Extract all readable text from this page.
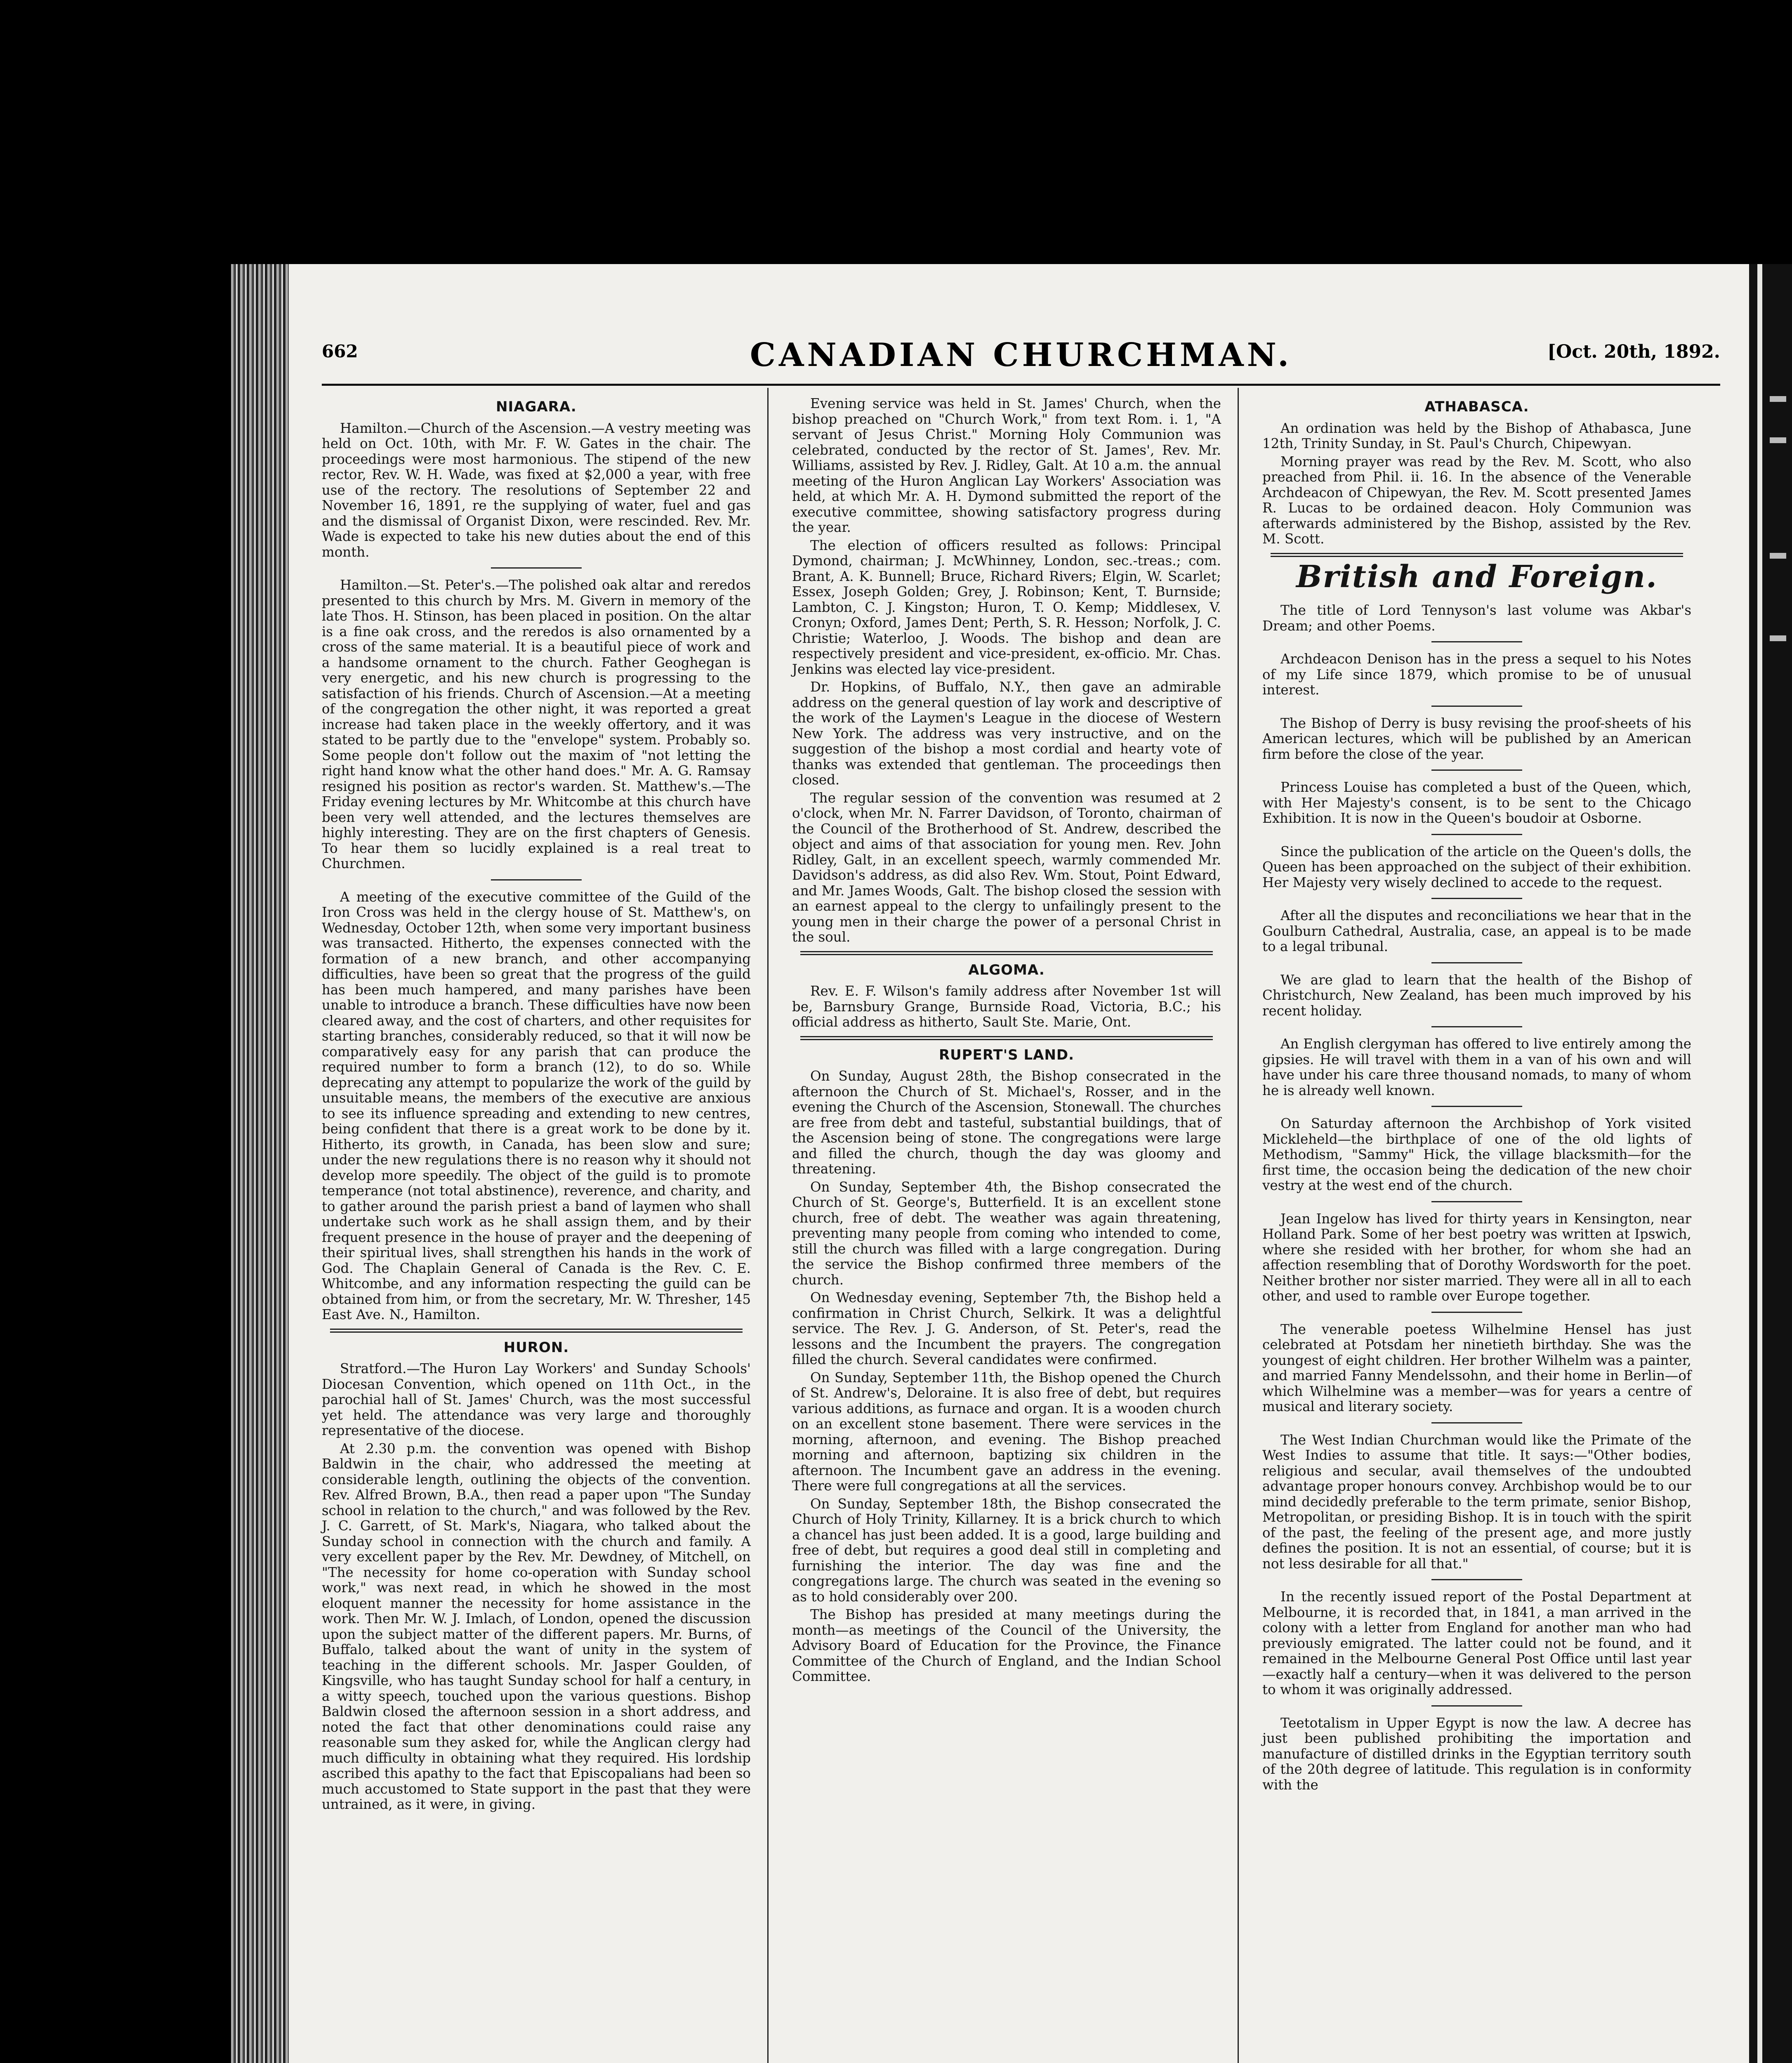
662	CANADIAN CHURCHMAN.	[Oct. 20th, 1892.
NIAGARA.

Hamilton.—Church of the Ascension.—A vestry meeting was held on Oct. 10th, with Mr. F. W. Gates in the chair. The proceedings were most harmonious. The stipend of the new rector, Rev. W. H. Wade, was fixed at $2,000 a year, with free use of the rectory. The resolutions of September 22 and November 16, 1891, re the supplying of water, fuel and gas and the dismissal of Organist Dixon, were rescinded. Rev. Mr. Wade is expected to take his new duties about the end of this month.

Hamilton.—St. Peter's.—The polished oak altar and reredos presented to this church by Mrs. M. Givern in memory of the late Thos. H. Stinson, has been placed in position. On the altar is a fine oak cross, and the reredos is also ornamented by a cross of the same material. It is a beautiful piece of work and a handsome ornament to the church. Father Geoghegan is very energetic, and his new church is progressing to the satisfaction of his friends. Church of Ascension.—At a meeting of the congregation the other night, it was reported a great increase had taken place in the weekly offertory, and it was stated to be partly due to the "envelope" system. Probably so. Some people don't follow out the maxim of "not letting the right hand know what the other hand does." Mr. A. G. Ramsay resigned his position as rector's warden. St. Matthew's.—The Friday evening lectures by Mr. Whitcombe at this church have been very well attended, and the lectures themselves are highly interesting. They are on the first chapters of Genesis. To hear them so lucidly explained is a real treat to Churchmen.

A meeting of the executive committee of the Guild of the Iron Cross was held in the clergy house of St. Matthew's, on Wednesday, October 12th, when some very important business was transacted. Hitherto, the expenses connected with the formation of a new branch, and other accompanying difficulties, have been so great that the progress of the guild has been much hampered, and many parishes have been unable to introduce a branch. These difficulties have now been cleared away, and the cost of charters, and other requisites for starting branches, considerably reduced, so that it will now be comparatively easy for any parish that can produce the required number to form a branch (12), to do so. While deprecating any attempt to popularize the work of the guild by unsuitable means, the members of the executive are anxious to see its influence spreading and extending to new centres, being confident that there is a great work to be done by it. Hitherto, its growth, in Canada, has been slow and sure; under the new regulations there is no reason why it should not develop more speedily. The object of the guild is to promote temperance (not total abstinence), reverence, and charity, and to gather around the parish priest a band of laymen who shall undertake such work as he shall assign them, and by their frequent presence in the house of prayer and the deepening of their spiritual lives, shall strengthen his hands in the work of God. The Chaplain General of Canada is the Rev. C. E. Whitcombe, and any information respecting the guild can be obtained from him, or from the secretary, Mr. W. Thresher, 145 East Ave. N., Hamilton.

HURON.

Stratford.—The Huron Lay Workers' and Sunday Schools' Diocesan Convention, which opened on 11th Oct., in the parochial hall of St. James' Church, was the most successful yet held. The attendance was very large and thoroughly representative of the diocese.

At 2.30 p.m. the convention was opened with Bishop Baldwin in the chair, who addressed the meeting at considerable length, outlining the objects of the convention. Rev. Alfred Brown, B.A., then read a paper upon "The Sunday school in relation to the church," and was followed by the Rev. J. C. Garrett, of St. Mark's, Niagara, who talked about the Sunday school in connection with the church and family. A very excellent paper by the Rev. Mr. Dewdney, of Mitchell, on "The necessity for home co-operation with Sunday school work," was next read, in which he showed in the most eloquent manner the necessity for home assistance in the work. Then Mr. W. J. Imlach, of London, opened the discussion upon the subject matter of the different papers. Mr. Burns, of Buffalo, talked about the want of unity in the system of teaching in the different schools. Mr. Jasper Goulden, of Kingsville, who has taught Sunday school for half a century, in a witty speech, touched upon the various questions. Bishop Baldwin closed the afternoon session in a short address, and noted the fact that other denominations could raise any reasonable sum they asked for, while the Anglican clergy had much difficulty in obtaining what they required. His lordship ascribed this apathy to the fact that Episcopalians had been so much accustomed to State support in the past that they were untrained, as it were, in giving.

Evening service was held in St. James' Church, when the bishop preached on "Church Work," from text Rom. i. 1, "A servant of Jesus Christ." Morning Holy Communion was celebrated, conducted by the rector of St. James', Rev. Mr. Williams, assisted by Rev. J. Ridley, Galt. At 10 a.m. the annual meeting of the Huron Anglican Lay Workers' Association was held, at which Mr. A. H. Dymond submitted the report of the executive committee, showing satisfactory progress during the year.

The election of officers resulted as follows: Principal Dymond, chairman; J. McWhinney, London, sec.-treas.; com. Brant, A. K. Bunnell; Bruce, Richard Rivers; Elgin, W. Scarlet; Essex, Joseph Golden; Grey, J. Robinson; Kent, T. Burnside; Lambton, C. J. Kingston; Huron, T. O. Kemp; Middlesex, V. Cronyn; Oxford, James Dent; Perth, S. R. Hesson; Norfolk, J. C. Christie; Waterloo, J. Woods. The bishop and dean are respectively president and vice-president, ex-officio. Mr. Chas. Jenkins was elected lay vice-president.

Dr. Hopkins, of Buffalo, N.Y., then gave an admirable address on the general question of lay work and descriptive of the work of the Laymen's League in the diocese of Western New York. The address was very instructive, and on the suggestion of the bishop a most cordial and hearty vote of thanks was extended that gentleman. The proceedings then closed.

The regular session of the convention was resumed at 2 o'clock, when Mr. N. Farrer Davidson, of Toronto, chairman of the Council of the Brotherhood of St. Andrew, described the object and aims of that association for young men. Rev. John Ridley, Galt, in an excellent speech, warmly commended Mr. Davidson's address, as did also Rev. Wm. Stout, Point Edward, and Mr. James Woods, Galt. The bishop closed the session with an earnest appeal to the clergy to unfailingly present to the young men in their charge the power of a personal Christ in the soul.

ALGOMA.

Rev. E. F. Wilson's family address after November 1st will be, Barnsbury Grange, Burnside Road, Victoria, B.C.; his official address as hitherto, Sault Ste. Marie, Ont.

RUPERT'S LAND.

On Sunday, August 28th, the Bishop consecrated in the afternoon the Church of St. Michael's, Rosser, and in the evening the Church of the Ascension, Stonewall. The churches are free from debt and tasteful, substantial buildings, that of the Ascension being of stone. The congregations were large and filled the church, though the day was gloomy and threatening.

On Sunday, September 4th, the Bishop consecrated the Church of St. George's, Butterfield. It is an excellent stone church, free of debt. The weather was again threatening, preventing many people from coming who intended to come, still the church was filled with a large congregation. During the service the Bishop confirmed three members of the church.

On Wednesday evening, September 7th, the Bishop held a confirmation in Christ Church, Selkirk. It was a delightful service. The Rev. J. G. Anderson, of St. Peter's, read the lessons and the Incumbent the prayers. The congregation filled the church. Several candidates were confirmed.

On Sunday, September 11th, the Bishop opened the Church of St. Andrew's, Deloraine. It is also free of debt, but requires various additions, as furnace and organ. It is a wooden church on an excellent stone basement. There were services in the morning, afternoon, and evening. The Bishop preached morning and afternoon, baptizing six children in the afternoon. The Incumbent gave an address in the evening. There were full congregations at all the services.

On Sunday, September 18th, the Bishop consecrated the Church of Holy Trinity, Killarney. It is a brick church to which a chancel has just been added. It is a good, large building and free of debt, but requires a good deal still in completing and furnishing the interior. The day was fine and the congregations large. The church was seated in the evening so as to hold considerably over 200.

The Bishop has presided at many meetings during the month—as meetings of the Council of the University, the Advisory Board of Education for the Province, the Finance Committee of the Church of England, and the Indian School Committee.

ATHABASCA.

An ordination was held by the Bishop of Athabasca, June 12th, Trinity Sunday, in St. Paul's Church, Chipewyan.

Morning prayer was read by the Rev. M. Scott, who also preached from Phil. ii. 16. In the absence of the Venerable Archdeacon of Chipewyan, the Rev. M. Scott presented James R. Lucas to be ordained deacon. Holy Communion was afterwards administered by the Bishop, assisted by the Rev. M. Scott.

British and Foreign.

The title of Lord Tennyson's last volume was Akbar's Dream; and other Poems.

Archdeacon Denison has in the press a sequel to his Notes of my Life since 1879, which promise to be of unusual interest.

The Bishop of Derry is busy revising the proof-sheets of his American lectures, which will be published by an American firm before the close of the year.

Princess Louise has completed a bust of the Queen, which, with Her Majesty's consent, is to be sent to the Chicago Exhibition. It is now in the Queen's boudoir at Osborne.

Since the publication of the article on the Queen's dolls, the Queen has been approached on the subject of their exhibition. Her Majesty very wisely declined to accede to the request.

After all the disputes and reconciliations we hear that in the Goulburn Cathedral, Australia, case, an appeal is to be made to a legal tribunal.

We are glad to learn that the health of the Bishop of Christchurch, New Zealand, has been much improved by his recent holiday.

An English clergyman has offered to live entirely among the gipsies. He will travel with them in a van of his own and will have under his care three thousand nomads, to many of whom he is already well known.

On Saturday afternoon the Archbishop of York visited Mickleheld—the birthplace of one of the old lights of Methodism, "Sammy" Hick, the village blacksmith—for the first time, the occasion being the dedication of the new choir vestry at the west end of the church.

Jean Ingelow has lived for thirty years in Kensington, near Holland Park. Some of her best poetry was written at Ipswich, where she resided with her brother, for whom she had an affection resembling that of Dorothy Wordsworth for the poet. Neither brother nor sister married. They were all in all to each other, and used to ramble over Europe together.

The venerable poetess Wilhelmine Hensel has just celebrated at Potsdam her ninetieth birthday. She was the youngest of eight children. Her brother Wilhelm was a painter, and married Fanny Mendelssohn, and their home in Berlin—of which Wilhelmine was a member—was for years a centre of musical and literary society.

The West Indian Churchman would like the Primate of the West Indies to assume that title. It says:—"Other bodies, religious and secular, avail themselves of the undoubted advantage proper honours convey. Archbishop would be to our mind decidedly preferable to the term primate, senior Bishop, Metropolitan, or presiding Bishop. It is in touch with the spirit of the past, the feeling of the present age, and more justly defines the position. It is not an essential, of course; but it is not less desirable for all that."

In the recently issued report of the Postal Department at Melbourne, it is recorded that, in 1841, a man arrived in the colony with a letter from England for another man who had previously emigrated. The latter could not be found, and it remained in the Melbourne General Post Office until last year—exactly half a century—when it was delivered to the person to whom it was originally addressed.

Teetotalism in Upper Egypt is now the law. A decree has just been published prohibiting the importation and manufacture of distilled drinks in the Egyptian territory south of the 20th degree of latitude. This regulation is in conformity with the
